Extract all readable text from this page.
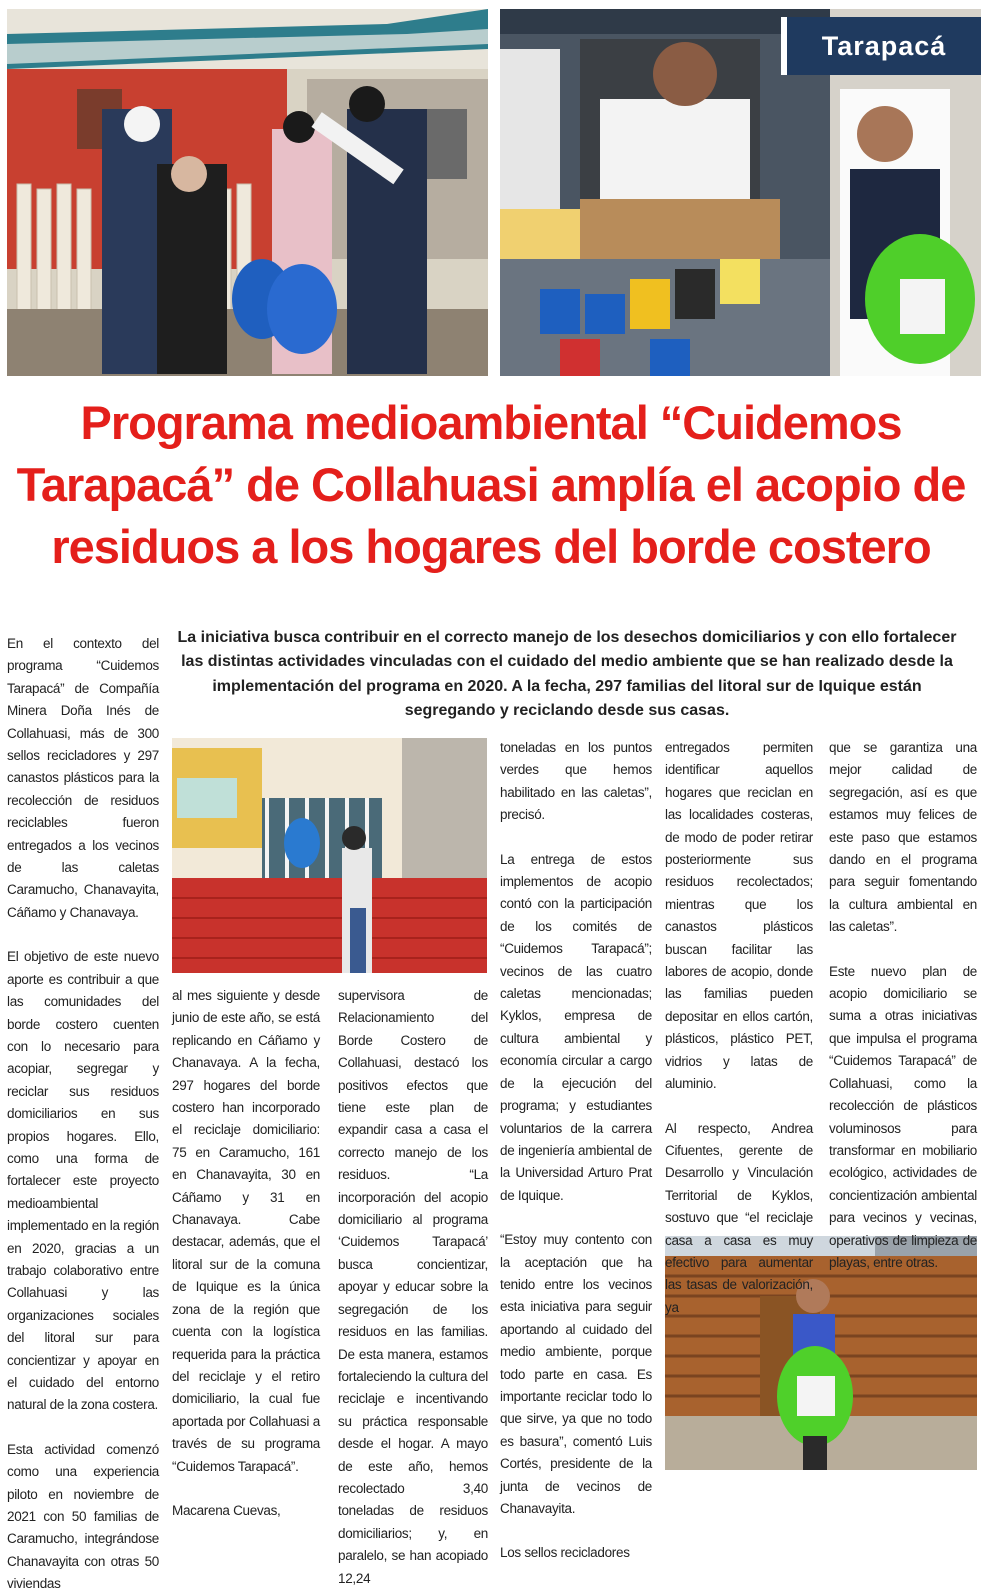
Tarapacá
Programa medioambiental “Cuidemos Tarapacá” de Collahuasi amplía el acopio de residuos a los hogares del borde costero

La iniciativa busca contribuir en el correcto manejo de los desechos domiciliarios y con ello fortalecer las distintas actividades vinculadas con el cuidado del medio ambiente que se han realizado desde la implementación del programa en 2020. A la fecha, 297 familias del litoral sur de Iquique están segregando y reciclando desde sus casas.

En el contexto del programa “Cuidemos Tarapacá” de Compañía Minera Doña Inés de Collahuasi, más de 300 sellos recicladores y 297 canastos plásticos para la recolección de residuos reciclables fueron entregados a los vecinos de las caletas Caramucho, Chanavayita, Cáñamo y Chanavaya.

El objetivo de este nuevo aporte es contribuir a que las comunidades del borde costero cuenten con lo necesario para acopiar, segregar y reciclar sus residuos domiciliarios en sus propios hogares. Ello, como una forma de fortalecer este proyecto medioambiental implementado en la región en 2020, gracias a un trabajo colaborativo entre Collahuasi y las organizaciones sociales del litoral sur para concientizar y apoyar en el cuidado del entorno natural de la zona costera.

Esta actividad comenzó como una experiencia piloto en noviembre de 2021 con 50 familias de Caramucho, integrándose Chanavayita con otras 50 viviendas

al mes siguiente y desde junio de este año, se está replicando en Cáñamo y Chanavaya. A la fecha, 297 hogares del borde costero han incorporado el reciclaje domiciliario: 75 en Caramucho, 161 en Chanavayita, 30 en Cáñamo y 31 en Chanavaya. Cabe destacar, además, que el litoral sur de la comuna de Iquique es la única zona de la región que cuenta con la logística requerida para la práctica del reciclaje y el retiro domiciliario, la cual fue aportada por Collahuasi a través de su programa “Cuidemos Tarapacá”.

Macarena Cuevas,

supervisora de Relacionamiento del Borde Costero de Collahuasi, destacó los positivos efectos que tiene este plan de expandir casa a casa el correcto manejo de los residuos. “La incorporación del acopio domiciliario al programa ‘Cuidemos Tarapacá’ busca concientizar, apoyar y educar sobre la segregación de los residuos en las familias. De esta manera, estamos fortaleciendo la cultura del reciclaje e incentivando su práctica responsable desde el hogar. A mayo de este año, hemos recolectado 3,40 toneladas de residuos domiciliarios; y, en paralelo, se han acopiado 12,24

toneladas en los puntos verdes que hemos habilitado en las caletas”, precisó.

La entrega de estos implementos de acopio contó con la participación de los comités de “Cuidemos Tarapacá”; vecinos de las cuatro caletas mencionadas; Kyklos, empresa de cultura ambiental y economía circular a cargo de la ejecución del programa; y estudiantes voluntarios de la carrera de ingeniería ambiental de la Universidad Arturo Prat de Iquique.

“Estoy muy contento con la aceptación que ha tenido entre los vecinos esta iniciativa para seguir aportando al cuidado del medio ambiente, porque todo parte en casa. Es importante reciclar todo lo que sirve, ya que no todo es basura”, comentó Luis Cortés, presidente de la junta de vecinos de Chanavayita.

Los sellos recicladores

entregados permiten identificar aquellos hogares que reciclan en las localidades costeras, de modo de poder retirar posteriormente sus residuos recolectados; mientras que los canastos plásticos buscan facilitar las labores de acopio, donde las familias pueden depositar en ellos cartón, plásticos, plástico PET, vidrios y latas de aluminio.

Al respecto, Andrea Cifuentes, gerente de Desarrollo y Vinculación Territorial de Kyklos, sostuvo que “el reciclaje casa a casa es muy efectivo para aumentar las tasas de valorización, ya

que se garantiza una mejor calidad de segregación, así es que estamos muy felices de este paso que estamos dando en el programa para seguir fomentando la cultura ambiental en las caletas”.

Este nuevo plan de acopio domiciliario se suma a otras iniciativas que impulsa el programa “Cuidemos Tarapacá” de Collahuasi, como la recolección de plásticos voluminosos para transformar en mobiliario ecológico, actividades de concientización ambiental para vecinos y vecinas, operativos de limpieza de playas, entre otras.
